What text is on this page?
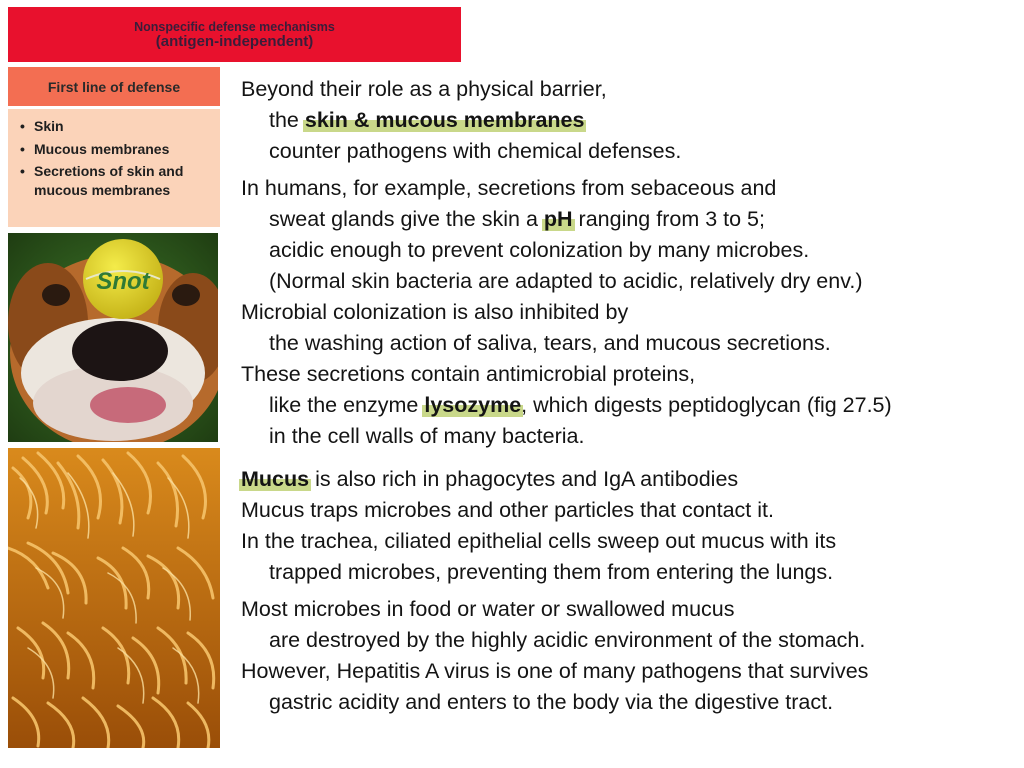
Nonspecific defense mechanisms
(antigen-independent)
First line of defense
• Skin
• Mucous membranes
• Secretions of skin and mucous membranes
Snot
Beyond their role as a physical barrier,
the skin & mucous membranes
counter pathogens with chemical defenses.
In humans, for example, secretions from sebaceous and
sweat glands give the skin a pH ranging from 3 to 5;
acidic enough to prevent colonization by many microbes.
(Normal skin bacteria are adapted to acidic, relatively dry env.)
Microbial colonization is also inhibited by
the washing action of saliva, tears, and mucous secretions.
These secretions contain antimicrobial proteins,
like the enzyme lysozyme, which digests peptidoglycan (fig 27.5)
in the cell walls of many bacteria.
Mucus is also rich in phagocytes and IgA antibodies
Mucus traps microbes and other particles that contact it.
In the trachea, ciliated epithelial cells sweep out mucus with its
trapped microbes, preventing them from entering the lungs.
Most microbes in food or water or swallowed mucus
are destroyed by the highly acidic environment of the stomach.
However, Hepatitis A virus is one of many pathogens that survives
gastric acidity and enters to the body via the digestive tract.
